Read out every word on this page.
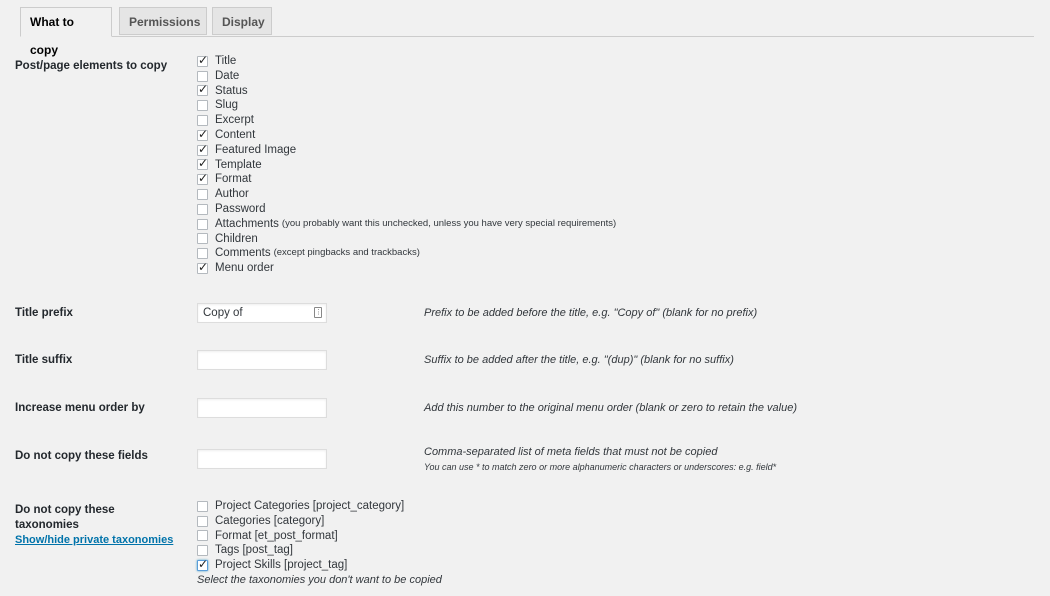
What to copy
Permissions	Display
Post/page elements to copy
✓	Title
Date
✓
Status
Slug
Excerpt
✓
Content
✓
Featured Image
✓
Template
✓
Format
Author
Password
Attachments (you probably want this unchecked, unless you have very special requirements)
Children
Comments (except pingbacks and trackbacks)
✓
Menu order
Title prefix	Copy of	⋮	Prefix to be added before the title, e.g. "Copy of" (blank for no prefix)
Title suffix	Suffix to be added after the title, e.g. "(dup)" (blank for no suffix)
Increase menu order by	Add this number to the original menu order (blank or zero to retain the value)
Do not copy these fields	Comma-separated list of meta fields that must not be copied
You can use * to match zero or more alphanumeric characters or underscores: e.g. field*
Do not copy these
taxonomies
Show/hide private taxonomies
Project Categories [project_category]
Categories [category]
Format [et_post_format]
Tags [post_tag]
✓
Project Skills [project_tag]
Select the taxonomies you don't want to be copied
